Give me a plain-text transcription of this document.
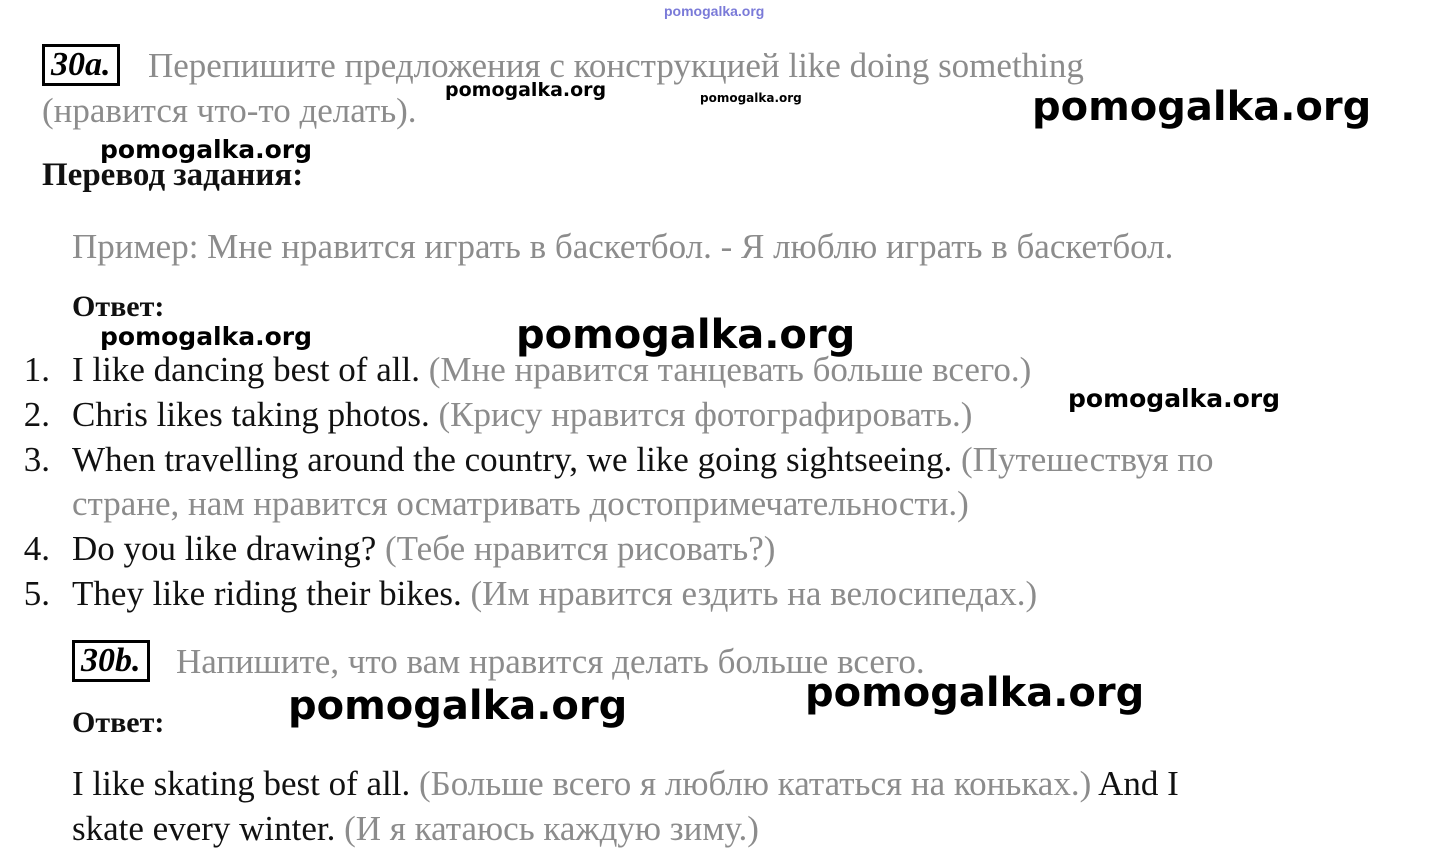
pomogalka.org
30a. Перепишите предложения с конструкцией like doing something
(нравится что-то делать).
pomogalka.org	pomogalka.org	pomogalka.org
pomogalka.org
Перевод задания:
Пример: Мне нравится играть в баскетбол. - Я люблю играть в баскетбол.
Ответ:
pomogalka.org	pomogalka.org
1. I like dancing best of all. (Мне нравится танцевать больше всего.)
2. Chris likes taking photos. (Крису нравится фотографировать.)	pomogalka.org
3. When travelling around the country, we like going sightseeing. (Путешествуя по
стране, нам нравится осматривать достопримечательности.)
4. Do you like drawing? (Тебе нравится рисовать?)
5. They like riding their bikes. (Им нравится ездить на велосипедах.)
30b. Напишите, что вам нравится делать больше всего.
pomogalka.org
pomogalka.org
Ответ:
I like skating best of all. (Больше всего я люблю кататься на коньках.) And I
skate every winter. (И я катаюсь каждую зиму.)
